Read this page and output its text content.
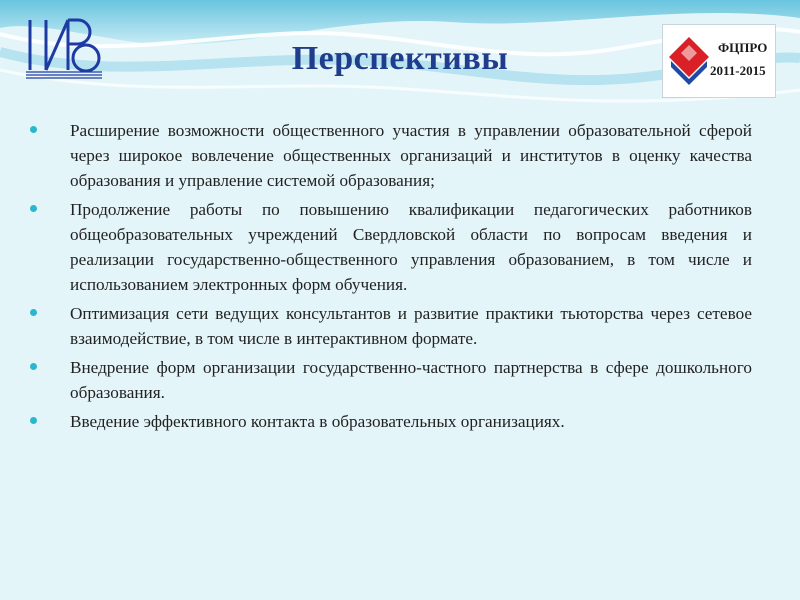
Перспективы	ФЦПРО
2011-2015
Расширение возможности общественного участия в управлении образовательной сферой через широкое вовлечение общественных организаций и институтов в оценку качества образования и управление системой образования;
Продолжение работы по повышению квалификации педагогических работников общеобразовательных учреждений Свердловской области по вопросам введения и реализации государственно-общественного управления образованием, в том числе и использованием электронных форм обучения.
Оптимизация сети ведущих консультантов и развитие практики тьюторства через сетевое взаимодействие, в том числе в интерактивном формате.
Внедрение форм организации государственно-частного партнерства в сфере дошкольного образования.
Введение эффективного контакта в образовательных организациях.
